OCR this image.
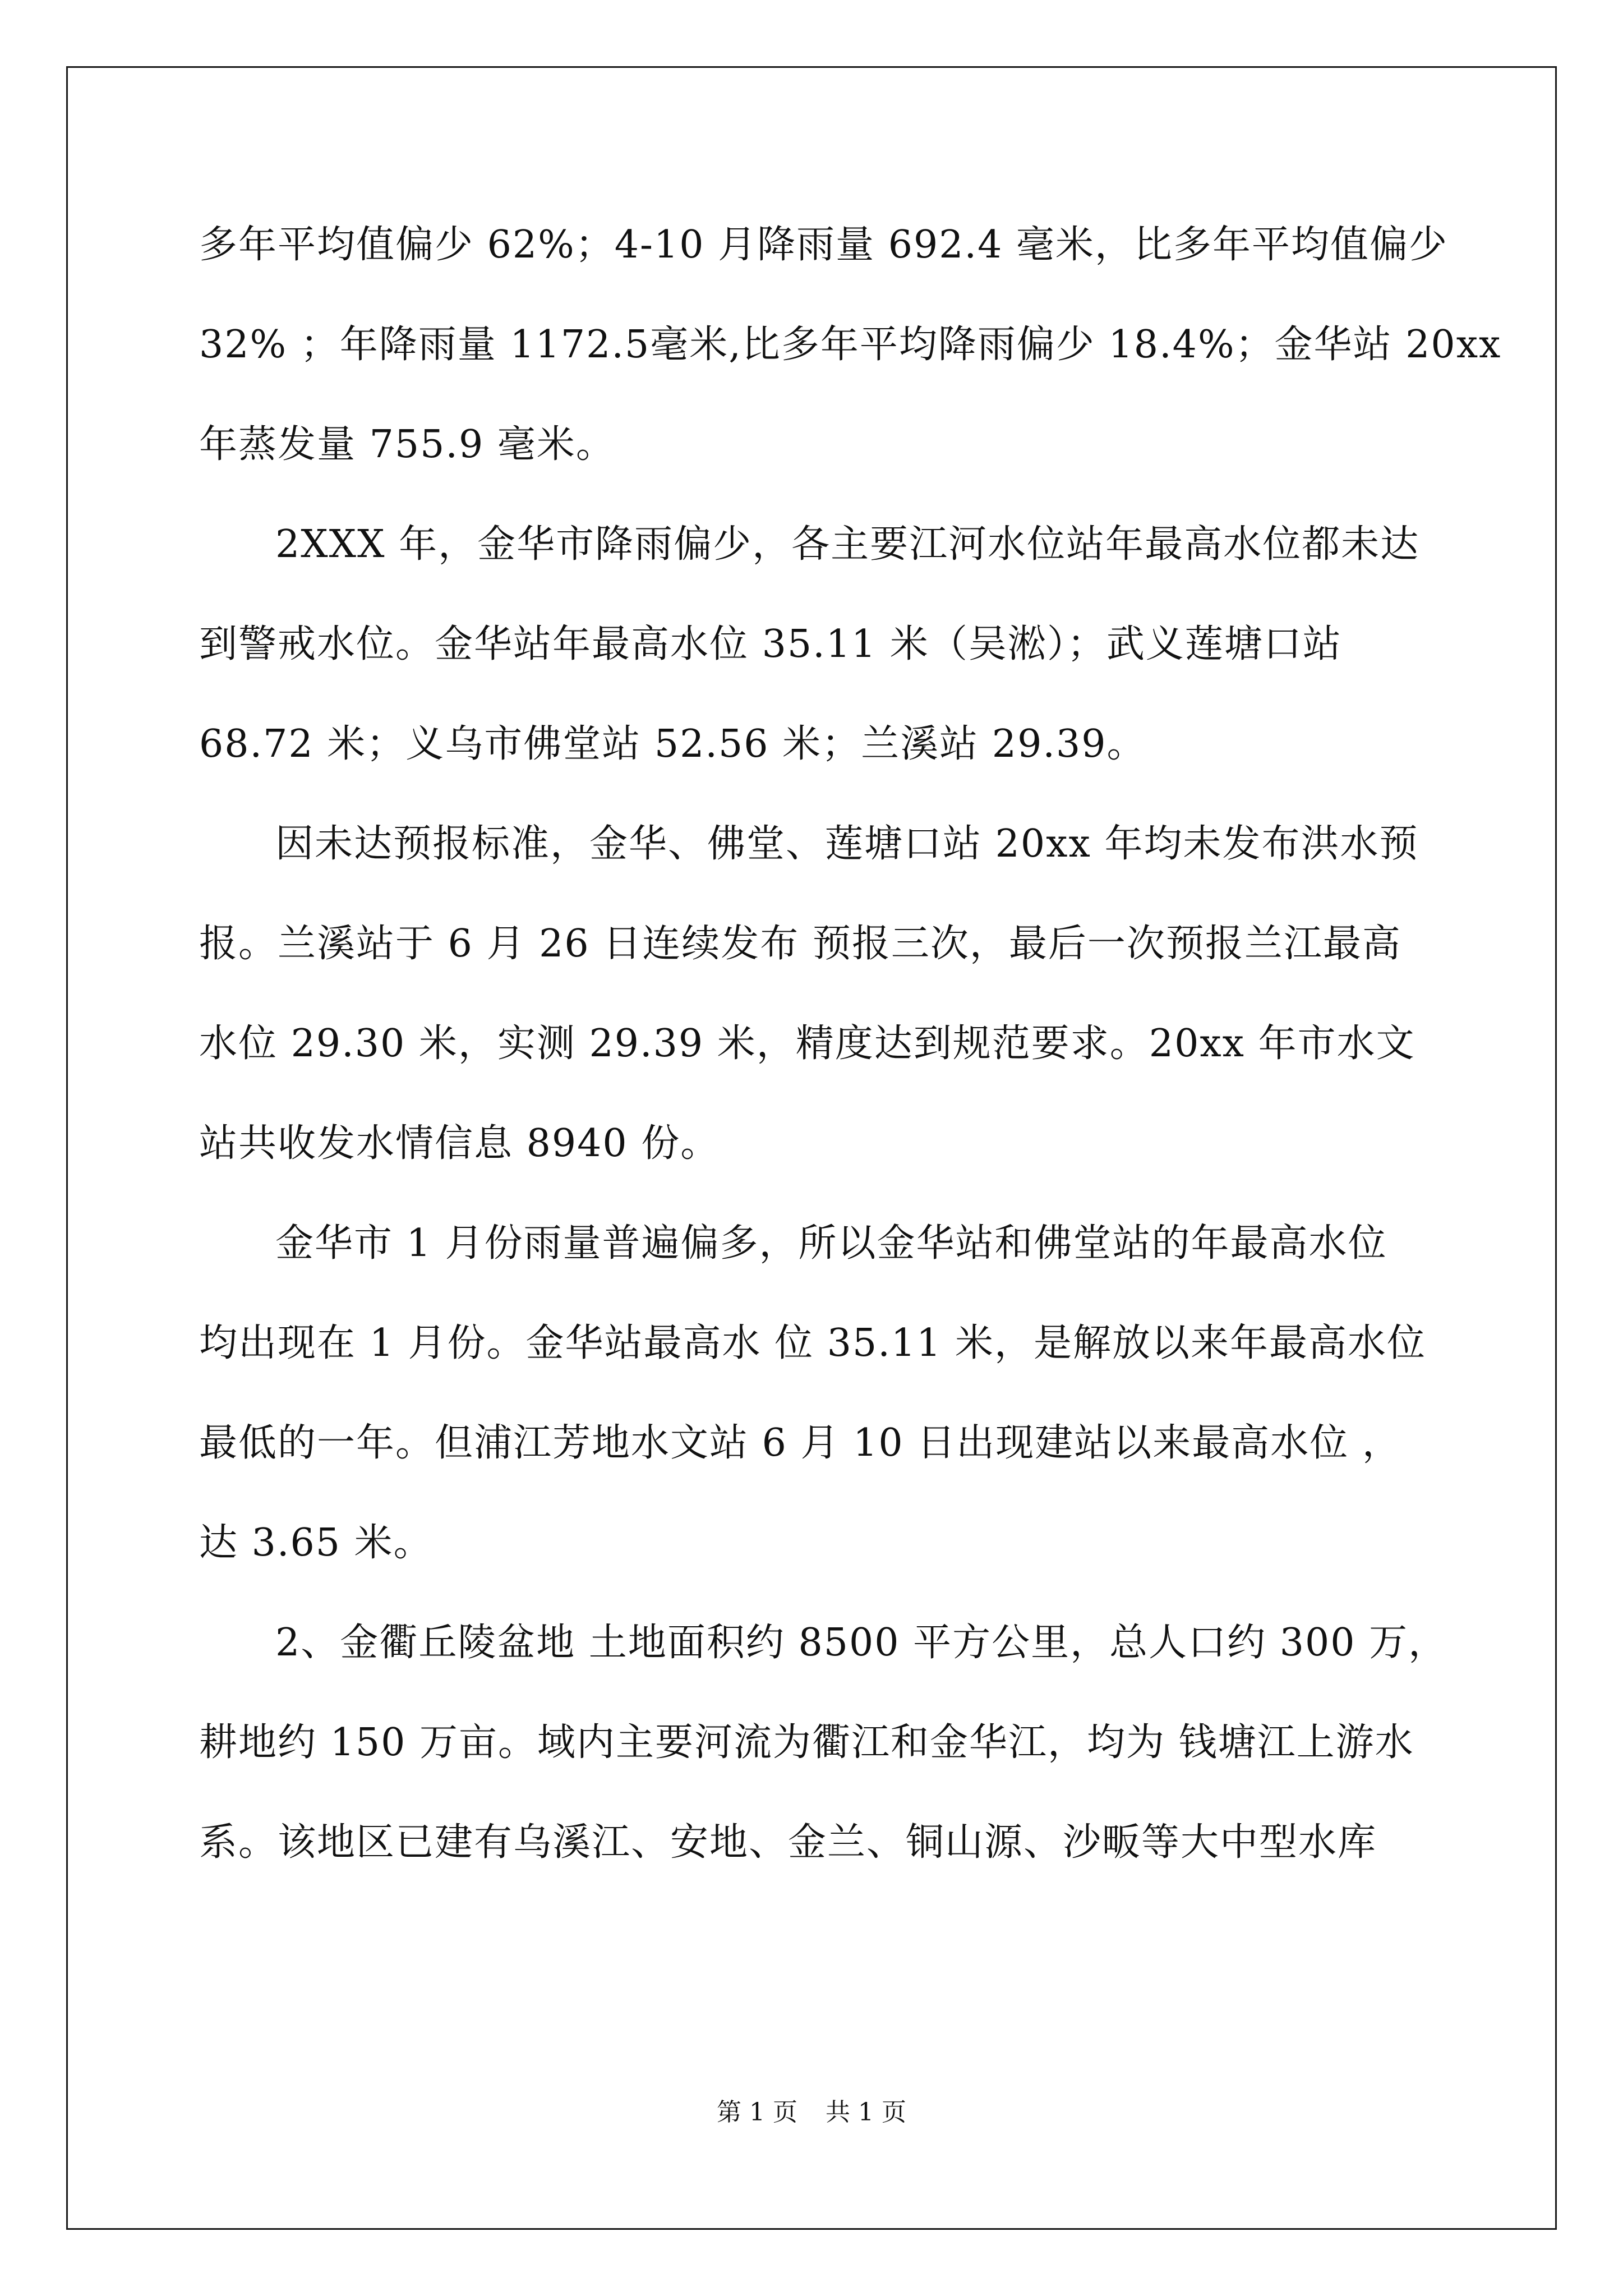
多年平均值偏少 62%；4-10 月降雨量 692.4 毫米，比多年平均值偏少
32% ；年降雨量 1172.5毫米,比多年平均降雨偏少 18.4%；金华站 20xx
年蒸发量 755.9 毫米。
2XXX 年，金华市降雨偏少，各主要江河水位站年最高水位都未达
到警戒水位。金华站年最高水位 35.11 米（吴淞）；武义莲塘口站
68.72 米；义乌市佛堂站 52.56 米；兰溪站 29.39。
因未达预报标准，金华、佛堂、莲塘口站 20xx 年均未发布洪水预
报。兰溪站于 6 月 26 日连续发布 预报三次，最后一次预报兰江最高
水位 29.30 米，实测 29.39 米，精度达到规范要求。20xx 年市水文
站共收发水情信息 8940 份。
金华市 1 月份雨量普遍偏多，所以金华站和佛堂站的年最高水位
均出现在 1 月份。金华站最高水 位 35.11 米，是解放以来年最高水位
最低的一年。但浦江芳地水文站 6 月 10 日出现建站以来最高水位 ，
达 3.65 米。
2、金衢丘陵盆地 土地面积约 8500 平方公里，总人口约 300 万，
耕地约 150 万亩。域内主要河流为衢江和金华江，均为 钱塘江上游水
系。该地区已建有乌溪江、安地、金兰、铜山源、沙畈等大中型水库
第 1 页 共 1 页
